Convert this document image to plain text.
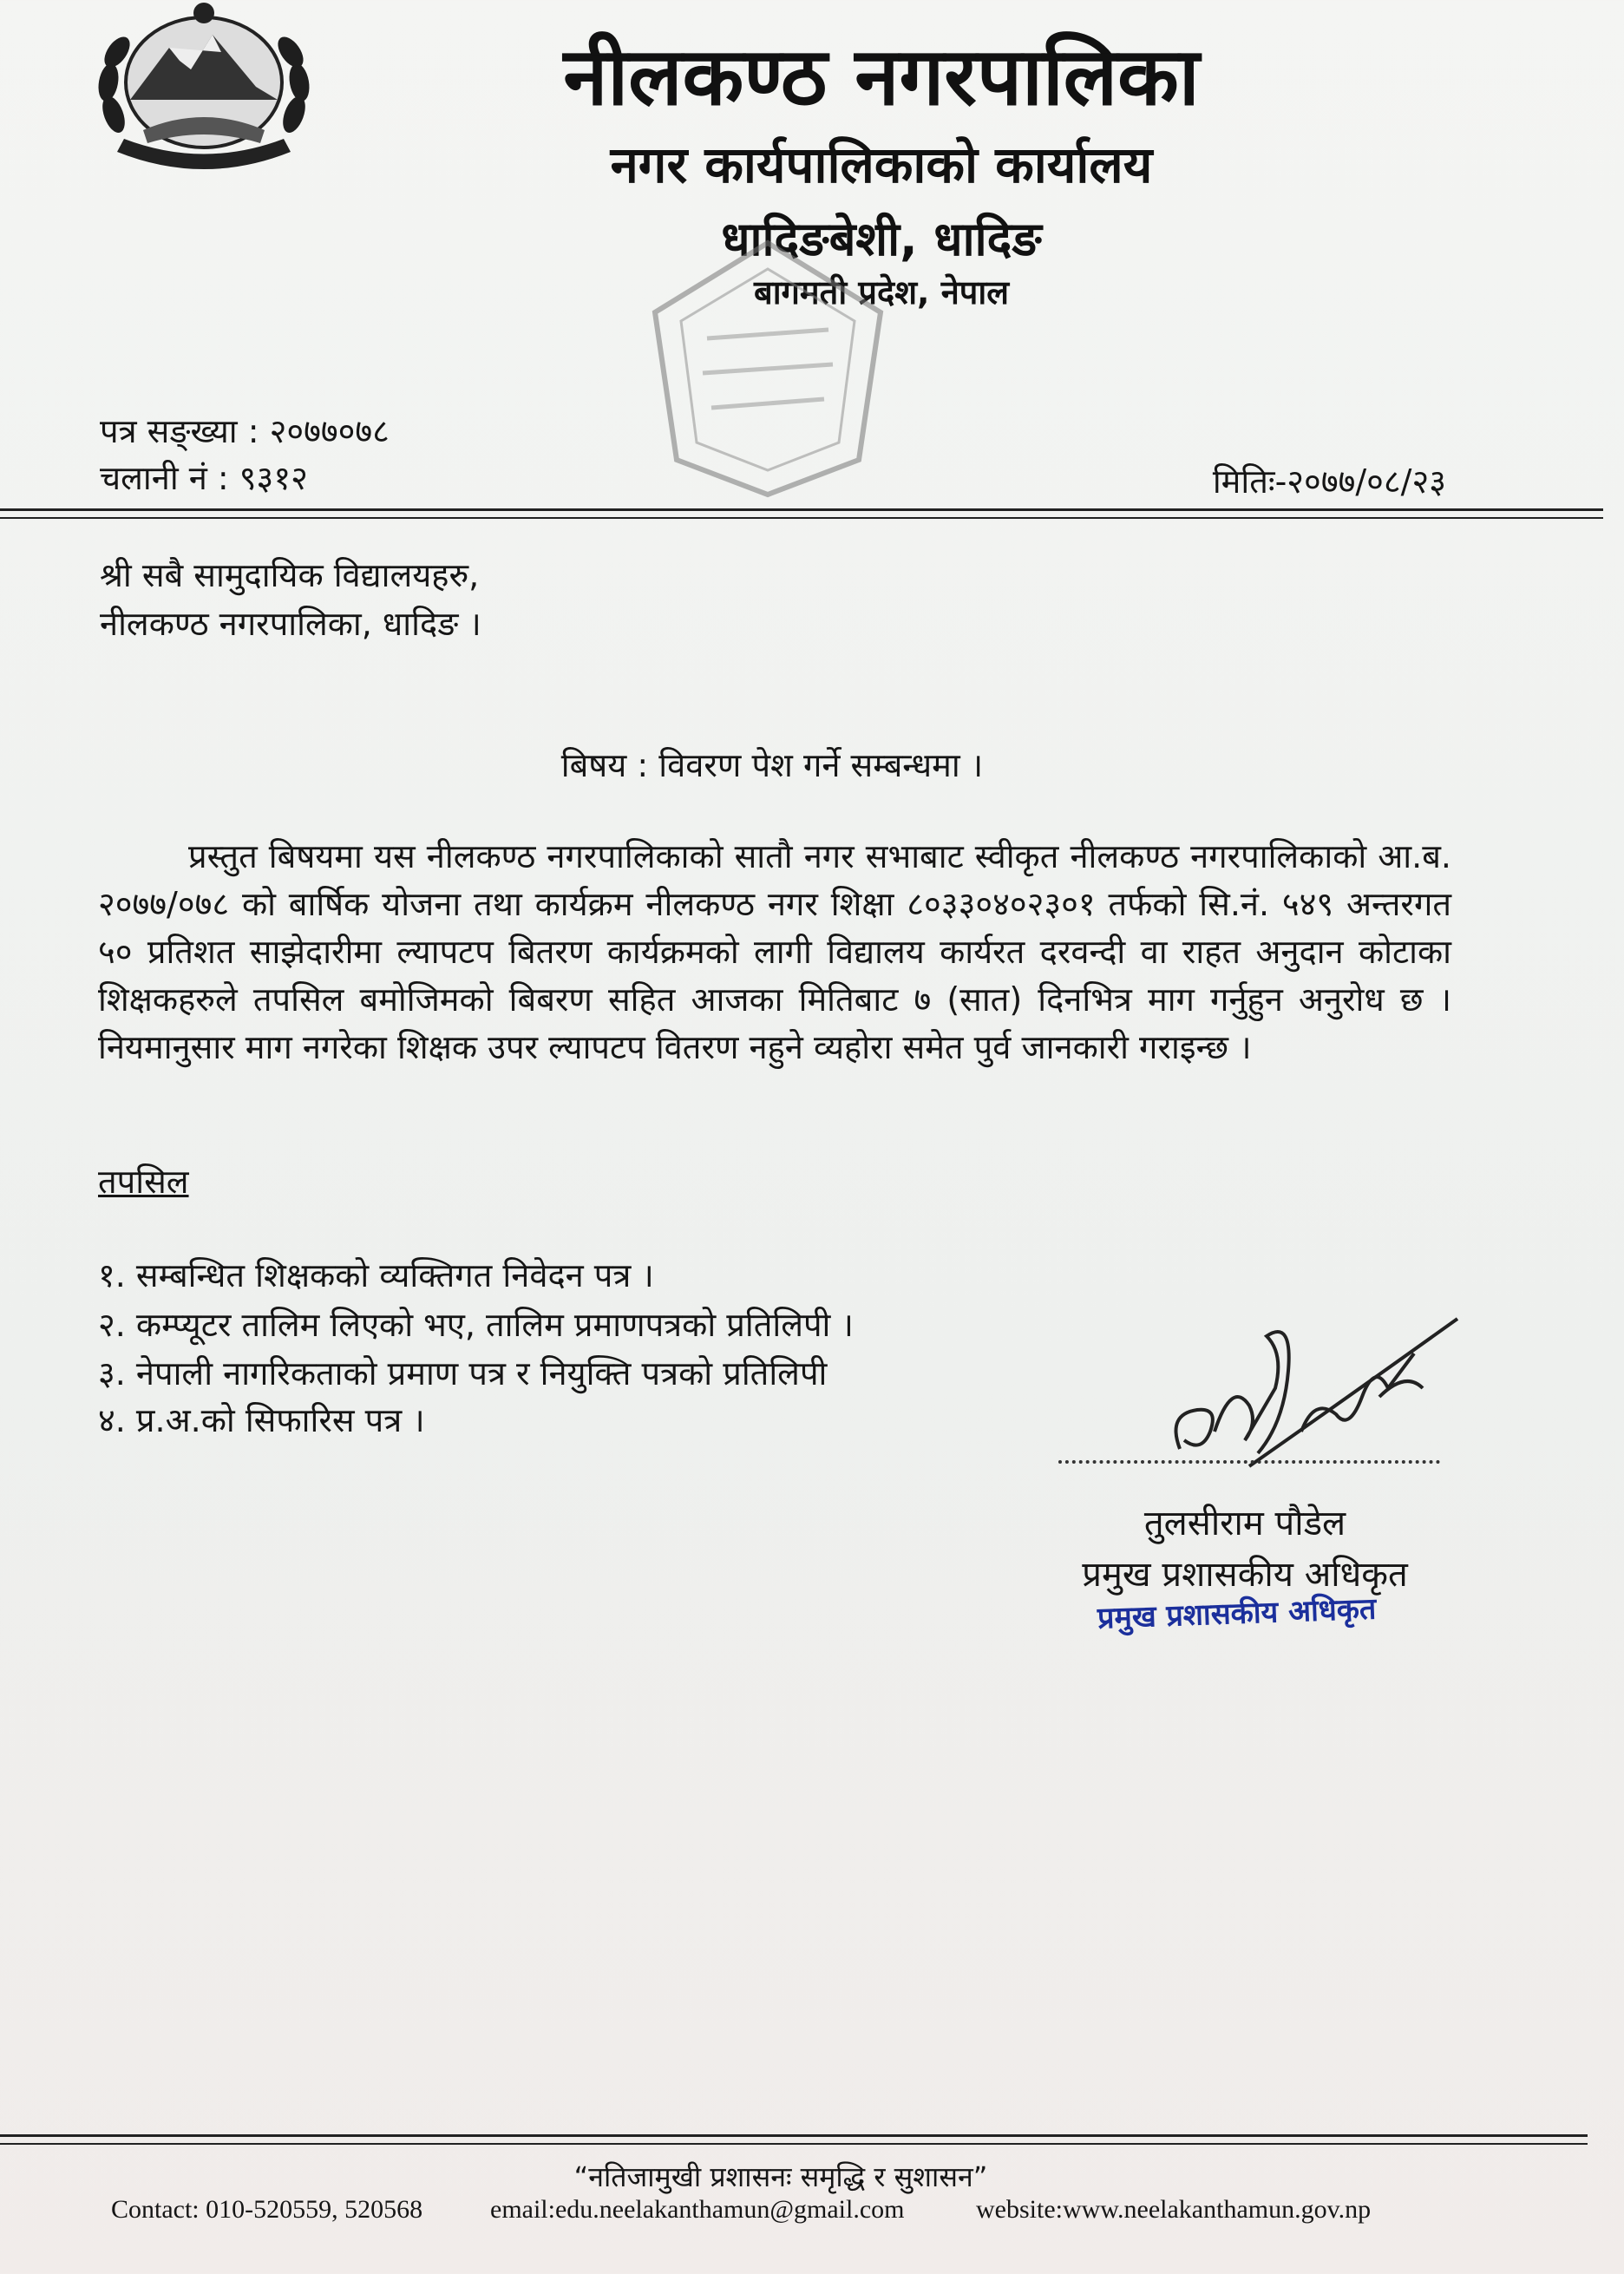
नीलकण्ठ नगरपालिका
नगर कार्यपालिकाको कार्यालय
धादिङबेशी, धादिङ
बागमती प्रदेश, नेपाल
पत्र सङ्ख्या : २०७७०७८
चलानी नं : ९३१२	मितिः-२०७७/०८/२३
श्री सबै सामुदायिक विद्यालयहरु,
नीलकण्ठ नगरपालिका, धादिङ ।
बिषय : विवरण पेश गर्ने सम्बन्धमा ।

प्रस्तुत बिषयमा यस नीलकण्ठ नगरपालिकाको सातौ नगर सभाबाट स्वीकृत नीलकण्ठ नगरपालिकाको आ.ब. २०७७/०७८ को बार्षिक योजना तथा कार्यक्रम नीलकण्ठ नगर शिक्षा ८०३३०४०२३०१ तर्फको सि.नं. ५४९ अन्तरगत ५० प्रतिशत साझेदारीमा ल्यापटप बितरण कार्यक्रमको लागी विद्यालय कार्यरत दरवन्दी वा राहत अनुदान कोटाका शिक्षकहरुले तपसिल बमोजिमको बिबरण सहित आजका मितिबाट ७ (सात) दिनभित्र माग गर्नुहुन अनुरोध छ । नियमानुसार माग नगरेका शिक्षक उपर ल्यापटप वितरण नहुने व्यहोरा समेत पुर्व जानकारी गराइन्छ ।

तपसिल
१. सम्बन्धित शिक्षकको व्यक्तिगत निवेदन पत्र ।
२. कम्प्यूटर तालिम लिएको भए, तालिम प्रमाणपत्रको प्रतिलिपी ।
३. नेपाली नागरिकताको प्रमाण पत्र र नियुक्ति पत्रको प्रतिलिपी
४. प्र.अ.को सिफारिस पत्र ।
तुलसीराम पौडेल
प्रमुख प्रशासकीय अधिकृत
प्रमुख प्रशासकीय अधिकृत
“नतिजामुखी प्रशासनः समृद्धि र सुशासन”
Contact: 010-520559, 520568	email:edu.neelakanthamun@gmail.com	website:www.neelakanthamun.gov.np
